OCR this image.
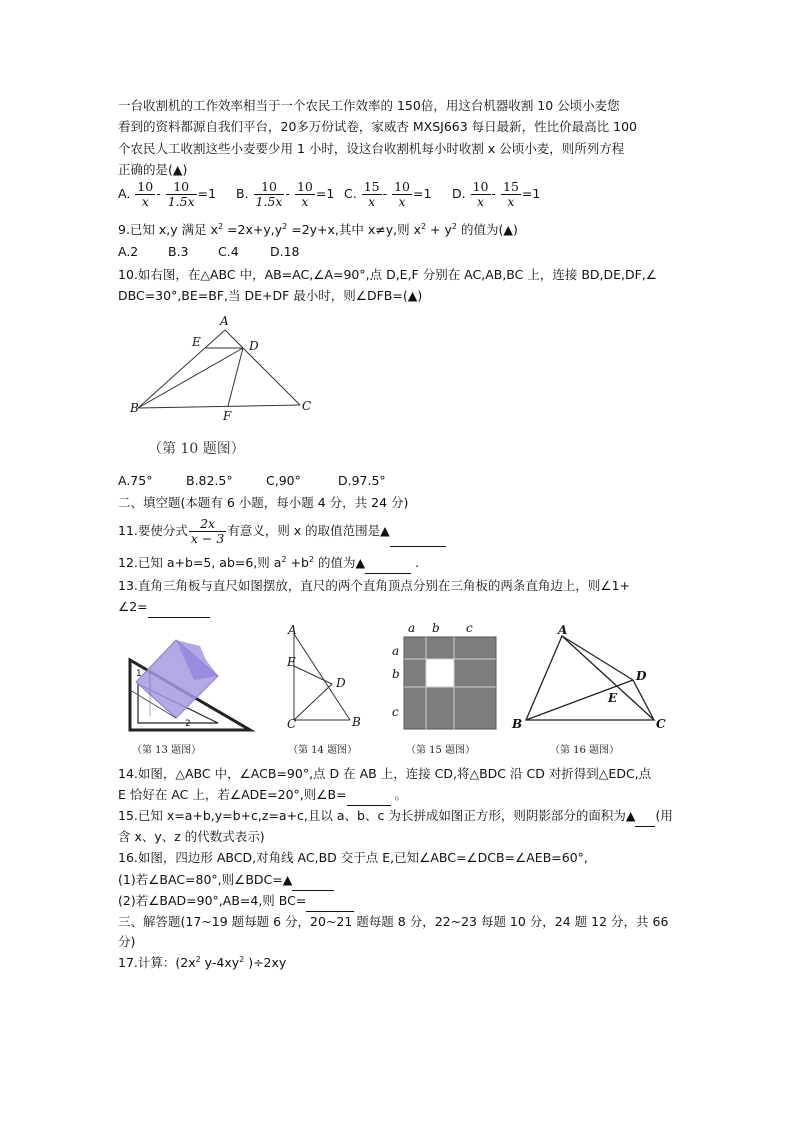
一台收割机的工作效率相当于一个农民工作效率的 150倍，用这台机器收割 10 公顷小麦您
看到的资料都源自我们平台，20多万份试卷，家威杏 MXSJ663 每日最新，性比价最高比 100
个农民人工收割这些小麦要少用 1 小时，设这台收割机每小时收割 x 公顷小麦，则所列方程
正确的是(▲)
A. $\frac{10}{x} - \frac{10}{1.5x} =1$ B. $\frac{10}{1.5x} - \frac{10}{x} =1$ C. $\frac{15}{x} - \frac{10}{x} =1$ D. $\frac{10}{x} - \frac{15}{x} =1$
9.已知 x,y 满足 $x^2 =2x+y,y^2 =2y+x$,其中 x≠y,则 $x^2 + y^2$ 的值为(▲)
A.2 B.3 C.4	D.18
10.如右图，在△ABC 中，AB=AC,∠A=90°,点 D,E,F 分别在 AC,AB,BC 上，连接 BD,DE,DF,∠
DBC=30°,BE=BF,当 DE+DF 最小时，则∠DFB=(▲)
A
E	D
B
F
C
（第 10 题图）
A.75°	B.82.5°	C,90°	D.97.5°
二、填空题(本题有 6 小题，每小题 4 分，共 24 分)
11.要使分式 $\frac{2x}{x - 3}$ 有意义，则 x 的取值范围是▲
12.已知 a+b=5, ab=6,则 $a^2 +b^2$ 的值为▲	.
13.直角三角板与直尺如图摆放，直尺的两个直角顶点分别在三角板的两条直角边上，则∠1+
∠2=
1
2
（第 13 题图）
A
E
D
C	B
（第 14 题图）
a b c
a
b
c
（第 15 题图）
A
D
E
B	C
（第 16 题图）
14.如图，△ABC 中，∠ACB=90°,点 D 在 AB 上，连接 CD,将△BDC 沿 CD 对折得到△EDC,点
E 恰好在 AC 上，若∠ADE=20°,则∠B=	。
15.已知 x=a+b,y=b+c,z=a+c,且以 a、b、c 为长拼成如图正方形，则阴影部分的面积为▲ (用
含 x、y、z 的代数式表示)
16.如图，四边形 ABCD,对角线 AC,BD 交于点 E,已知∠ABC=∠DCB=∠AEB=60°,
(1)若∠BAC=80°,则∠BDC=▲
(2)若∠BAD=90°,AB=4,则 BC=
三、解答题(17~19 题每题 6 分，20~21 题每题 8 分，22~23 每题 10 分，24 题 12 分，共 66
分)
17.计算：($2x^2$ $y-4xy^2$ )÷2xy
